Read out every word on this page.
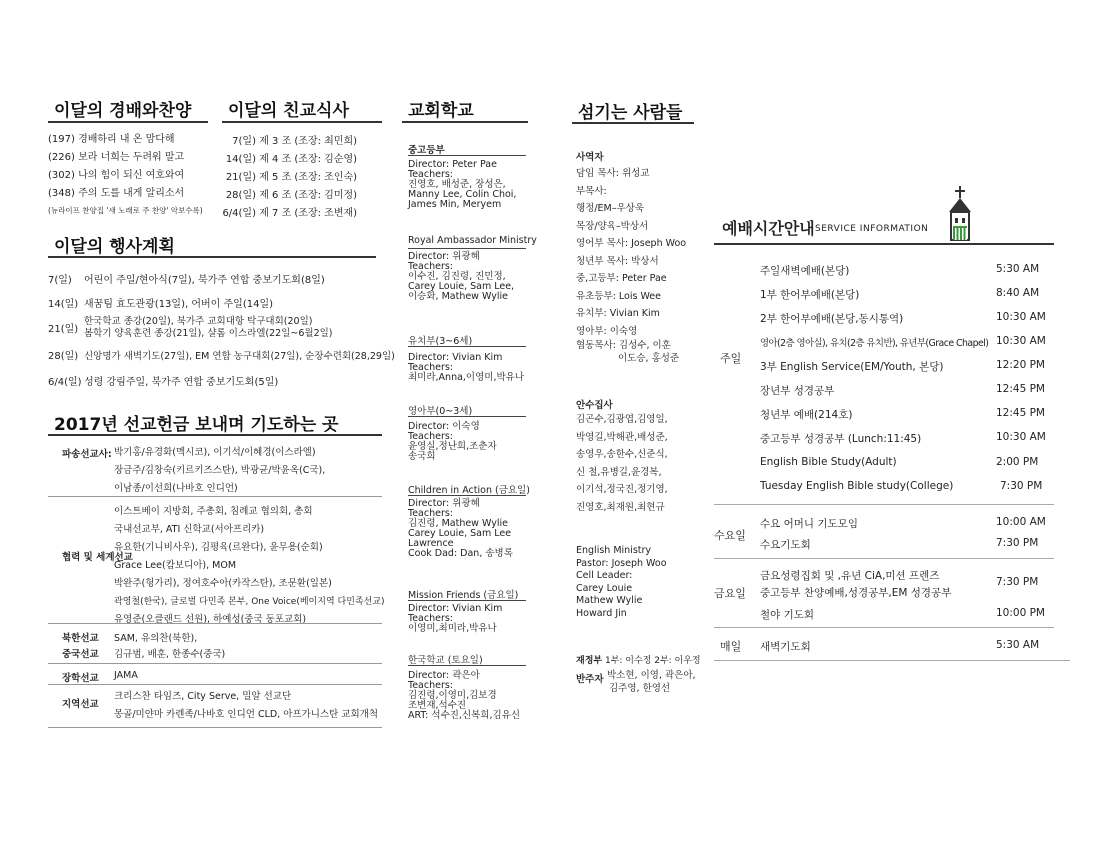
이달의 경배와찬양
(197) 경배하리 내 온 맘다해
(226) 보라 너희는 두려워 말고
(302) 나의 힘이 되신 여호와여
(348) 주의 도를 내게 알리소서
(뉴라이프 찬양집 '새 노래로 주 찬양' 악보수록)
이달의 친교식사
7(일) 제 3 조 (조장: 최민희)
14(일) 제 4 조 (조장: 김순영)
21(일) 제 5 조 (조장: 조인숙)
28(일) 제 6 조 (조장: 김미정)
6/4(일) 제 7 조 (조장: 조변재)
이달의 행사계획
7(일) 어린이 주일/현아식(7일), 북가주 연합 중보기도회(8일)
14(일) 새꿈팀 효도관광(13일), 어버이 주일(14일)
21(일)
한국학교 종강(20일), 북가주 교회대항 탁구대회(20일)
봄학기 양육훈련 종강(21일), 샬롬 이스라엘(22일~6월2일)
28(일) 신앙명가 새벽기도(27일), EM 연합 농구대회(27일), 순장수련회(28,29일)
6/4(일) 성령 강림주일, 북가주 연합 중보기도회(5일)
2017년 선교헌금 보내며 기도하는 곳
파송선교사: 박기홍/유경화(멕시코), 이기석/이혜경(이스라엘)
장금주/김창숙(키르키즈스탄), 박광균/박윤옥(C국),
이남종/이선희(나바호 인디언)
협력 및 세계선교
이스트베이 지방회, 주총회, 침례교 협의회, 총회
국내선교부, ATI 신학교(서아프리카)
유요한(기니비사우), 김평육(르완다), 윤무용(순회)
Grace Lee(캄보디아), MOM
박완주(헝가리), 정여호수아(카작스탄), 조문환(일본)
곽영철(한국), 글로벌 다민족 본부, One Voice(베이지역 다민족선교)
유영준(오클랜드 선원), 하예성(중국 동포교회)
북한선교 SAM, 유의찬(북한),
중국선교 김규범, 배훈, 한종수(중국)
장학선교 JAMA
지역선교
크리스찬 타임즈, City Serve, 밀알 선교단
몽골/미얀마 카렌족/나바호 인디언 CLD, 아프가니스탄 교회개척
교회학교
중고등부
Director: Peter Pae
Teachers:
진영호, 배성준, 장성은,
Manny Lee, Colin Choi,
James Min, Meryem
Royal Ambassador Ministry
Director: 위광혜
Teachers:
이수진, 김진령, 진민정,
Carey Louie, Sam Lee,
이승화, Mathew Wylie
유치부(3~6세)
Director: Vivian Kim
Teachers:
최미라,Anna,이영미,박유나
영아부(0~3세)
Director: 이숙영
Teachers:
윤영실,정난희,조춘자
송국희
Children in Action (금요일)
Director: 위광혜
Teachers:
김진령, Mathew Wylie
Carey Louie, Sam Lee
Lawrence
Cook Dad: Dan, 송병록
Mission Friends (금요일)
Director: Vivian Kim
Teachers:
이영미,최미라,박유나
한국학교 (토요일)
Director: 곽은아
Teachers:
김진령,이영미,김보경
조변재,석수진
ART: 석수진,신복희,김유신
섬기는 사람들
사역자
담임 목사: 위성교
부목사:
행정/EM–우상욱
목장/양육–박상서
영어부 목사: Joseph Woo
청년부 목사: 박상서
중,고등부: Peter Pae
유초등부: Lois Wee
유치부: Vivian Kim
영아부: 이숙영
협동목사: 김성수, 이훈
이도승, 홍성준
안수집사
김곤수,김광엽,김영일,
박영길,박해관,배성준,
송영우,송한수,신준식,
신 철,유병길,윤경복,
이기석,정국진,정기영,
진영호,최재원,최현규
English Ministry
Pastor: Joseph Woo
Cell Leader:
Carey Louie
Mathew Wylie
Howard Jin
재정부 1부: 이수정 2부: 이우정
반주자 박소현, 이영, 곽은아,
김주영, 한영선
예배시간안내 SERVICE INFORMATION
주일
주일새벽예배(본당)	5:30 AM
1부 한어부예배(본당)	8:40 AM
2부 한어부예배(본당,동시통역)	10:30 AM
영아(2층 영아실), 유치(2층 유치반), 유년부(Grace Chapel) 10:30 AM
3부 English Service(EM/Youth, 본당)	12:20 PM
장년부 성경공부	12:45 PM
청년부 예배(214호)	12:45 PM
중고등부 성경공부 (Lunch:11:45)	10:30 AM
English Bible Study(Adult)	2:00 PM
Tuesday English Bible study(College)	7:30 PM
수요일
수요 어머니 기도모임	10:00 AM
수요기도회	7:30 PM
금요일
금요성령집회 및 ,유년 CiA,미션 프렌즈	7:30 PM
중고등부 찬양예배,성경공부,EM 성경공부
철야 기도회	10:00 PM
매일 새벽기도회	5:30 AM
